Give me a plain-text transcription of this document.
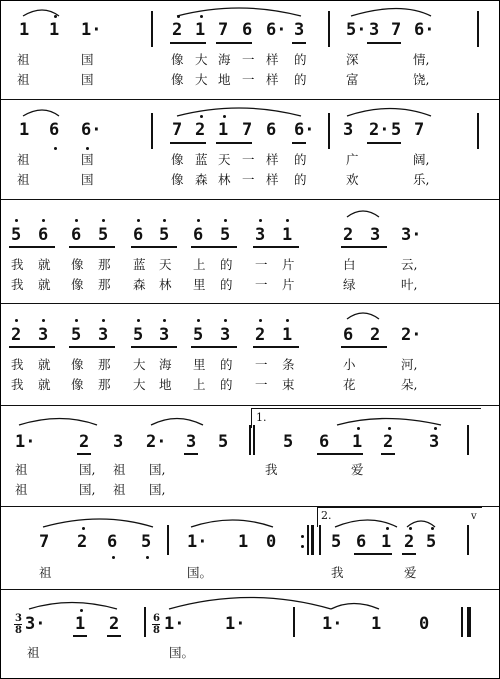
1 1 1·	2 1 7 6 6· 3 5· 3 7 6·
祖	国	像 大 海 一 样 的	深	情,
祖	国	像 大 地 一 样 的	富	饶,
1 6 6·	7 2 1 7 6 6· 3 2· 5 7
祖	国	像 蓝 天 一 样 的	广	阔,
祖	国	像 森 林 一 样 的	欢	乐,
5 6 6 5 6 5 6 5 3 1	2 3 3·
我 就 像 那 蓝 天 上 的 一 片	白	云,
我 就 像 那 森 林 里 的 一 片	绿	叶,
2 3 5 3 5 3 5 3 2 1	6 2 2·
我 就 像 那 大 海 里 的 一 条	小	河,
我 就 像 那 大 地 上 的 一 束	花	朵,
1.
1·	2 3 2· 3 5	5 6 1 2 3
祖	国, 祖 国,	我	爱
祖	国, 祖 国,
2.	v
7 2 6 5 1· 1 0	5 6 1 2 5
祖	国。	我	爱
3
8 3· 1 2	6
8 1· 1·	1· 1 0
祖	国。
